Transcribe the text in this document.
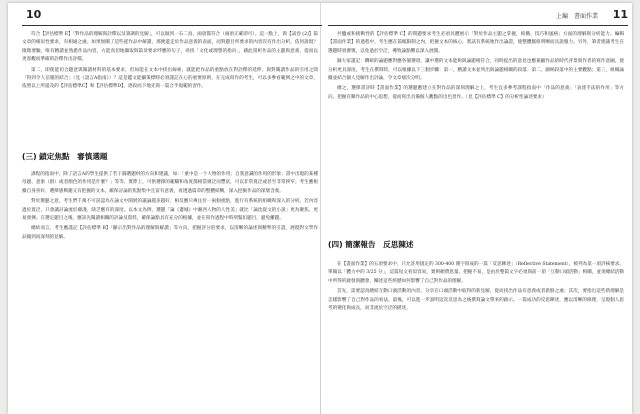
10

符合【評估標準 E】「對作品的理解與詮釋以及筆調的見解」，可以做到一石二鳥，兩項都符合（兩項正確即可）。這一點上，與【試卷 (2)】篇文章的相似性要求，有相通之處。如果無關了這些從作品中解讀，那便遊走於作品意義的表面，而對題目所要求的內容沒有作出分析，依何說現？徵徵要驗，唯有精讀並熟悉作品內容，方能真切地擷取與篇章要求呼應的句子，尋找「文化或理想的指向」，藉此剖析作品的主題與意義，從而以更客觀而準確的詮釋作出評價。

第二，即使能切合題意與閱讀材料的基本要求，但如能在文本中找出線索，就能把作品的重點放在對詮釋的延伸，與對閱讀作品的引用之間「得到令人信服的結合」（見《語言A指南》）？這是鑑文能攝策標時必須謹記在心的重要原則，在完成寫作的考生，可以多參看範例之中的文章，依照以上所提及的【評估標準C】和【評估標準D】，逐段而下地先寫一篇合乎規範的習作。

(三) 鎖定焦點　審慎選題

課程的指南中，除了語言A的學生提供了若干篩選題材的方向和建議，如：「重中是一个人物的作用；自我意識的作用的形象；書中出現的某種母題、意象（群）或者顏色的作用是什麼？」等等。實際上，可供選擇的範疇和角度都相當廣泛而豐富，可以非常寬泛或甚至非常狹窄。考生應根據自身喜好、選擇感興趣又有把握的文本，確保討論的焦點集中且富有意義，再透過篇章的整體結構，深入挖掘作品的深層含義。

對於選題之意，考生們千萬不可誤認為在論文中開展的議論越多越好，相反應只專注於一兩個重點，進行有系統的組織和深入的分析。若內容過於寬泛，只會讓討論流於膚淺，缺乏應有的深度。以本文為例，選題「論《邊城》中湘西人物的人性美」就比「論沈從文的小說」更為聚焦、更易發揮。在選定題目之後，應該先閱讀相關的評論及資料，確保論點具有充分的根據，並在寫作過程中時刻緊扣題目，避免離題。

總結而言，考生應謹記【評估標準 B】「顯示出對作品的理解與解讀」等方向，把握評分的要求，以清晰的論述與精準的引證，展現對文學作品獨到而深刻的見解。

上編　書面作業 11

共醞或和挑戰性的【評估標準 C】的問題要求考生必須具體展示「對於作品主題之掌握，結構、技巧和風格」方面的理解與分析能力。編輯【書面作業】的過程中，考生應在篇幅限制之內，把握文本的核心，嘗試有系統地作出論證，使整體脈絡明晰而具說服力。另外，筆者建議考生在選題時須審慎，以免過於空泛，導致論點難以深入展開。

歸大家謹記：鑽研的論題應對應各個選項，讓中選的文本能夠與論題相符合，同時提出的意見也應兼顧作品的時代背景與作者的寫作意圖，使分析更具深度。考生在撰寫時，可以根據以下三個步驟：第一，精讀文本並列出與論題相關的段落；第二，歸納段落中的主要觀點；第三，組織論據並結合個人見解作出評論，令文章層次分明。

總之，選擇書評時【書面作業】的選題應建立在對作品的深刻理解之上，考生宜多參考課程指南中「作品的意義」「表達手法的作用」等方向，把握有關作品的中心思想，從而寫出具備個人觀點的出色習作。（見【評估標準 C】的分析性論述要求）

(四) 簡潔報告　反思陳述

在【書面作業】的五項要求中，只允許用規定的 300-400 漢字寫成的一篇「反思陳述」（Reflective Statement），被列為第一項評核要求。單獨以「體力中的 3/25 分」，這篇短文看似容易，實則頗費思量。把握不易，是由於整篇文字必須與前一項「互動口頭活動」相關，並須總結活動中所得的啟發與體會，闡述這些經歷如何影響了自己對作品的理解。

首先，需要認真總結互動口頭活動的內容，分享在口頭活動中取得的新見解，從而找出作品有意義或者新鮮之處；其次，要指出這些新理解是怎樣影響了自己對作品的看法，最後，可以進一步說明這次反思為之後撰寫論文帶來的啟示。一篇成功的反思陳述，應以清晰的條理，呈現個人思考的變化與成長，而非流於空泛的描述。
